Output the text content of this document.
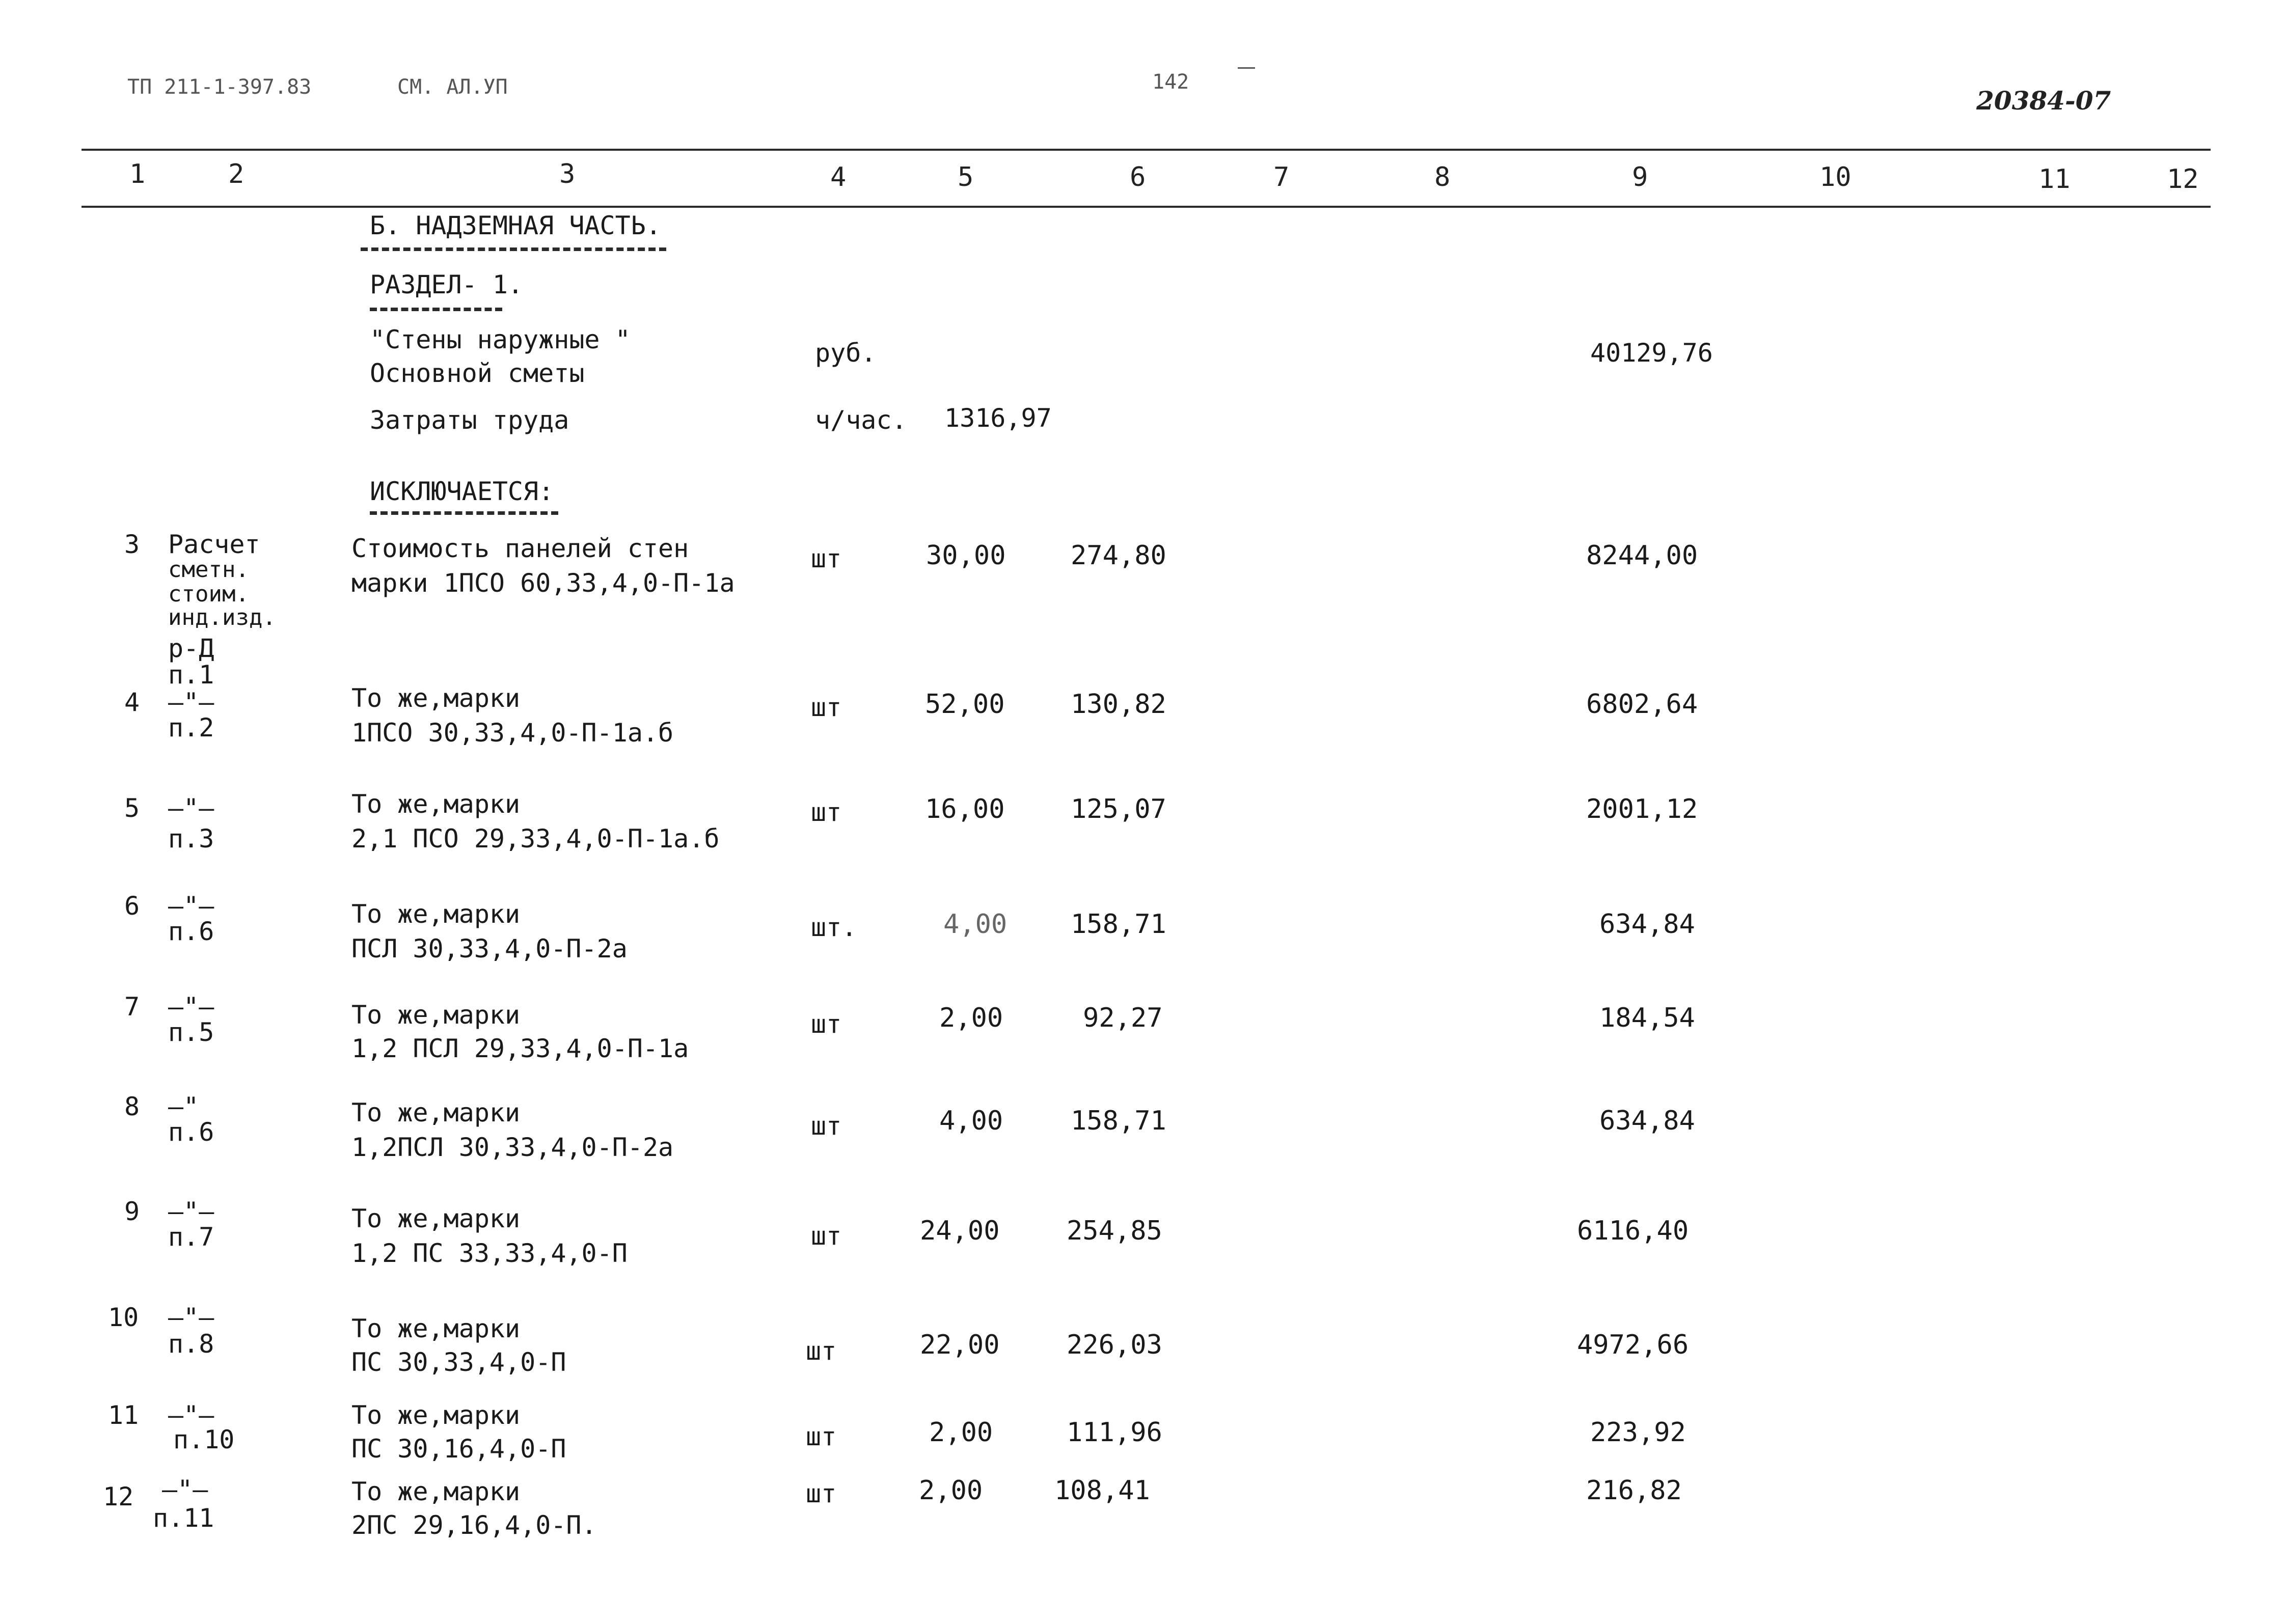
ТП 211-1-397.83	СМ. АЛ.УП	142
20384-07
1	2	3	4	5	6	7	8	9	10	11	12
Б. НАДЗЕМНАЯ ЧАСТЬ.
РАЗДЕЛ- 1.
"Стены наружные "
Основной сметы
руб.	40129,76
Затраты труда	ч/час. 1316,97
ИСКЛЮЧАЕТСЯ:
3 Расчет
сметн.
стоим.
инд.изд.
р-Д
п.1
Стоимость панелей стен
марки 1ПСО 60,33,4,0-П-1а
шт	30,00 274,80	8244,00
4 —"—
п.2
То же,марки
1ПСО 30,33,4,0-П-1а.б
шт	52,00 130,82	6802,64
5 —"—
п.3
То же,марки
2,1 ПСО 29,33,4,0-П-1а.б
шт	16,00 125,07	2001,12
6 —"—
п.6
То же,марки
ПСЛ 30,33,4,0-П-2а
шт.	4,00 158,71	634,84
7 —"—
п.5
То же,марки
1,2 ПСЛ 29,33,4,0-П-1а
шт	2,00	92,27	184,54
8 —"
п.6
То же,марки
1,2ПСЛ 30,33,4,0-П-2а
шт	4,00	158,71	634,84
9 —"—
п.7
То же,марки
1,2 ПС 33,33,4,0-П
шт	24,00	254,85	6116,40
10 —"—
п.8
То же,марки
ПС 30,33,4,0-П	шт	22,00	226,03	4972,66
11 —"—
п.10
То же,марки
ПС 30,16,4,0-П	шт	2,00	111,96	223,92
12 —"—
п.11
То же,марки
2ПС 29,16,4,0-П.
шт	2,00	108,41	216,82
